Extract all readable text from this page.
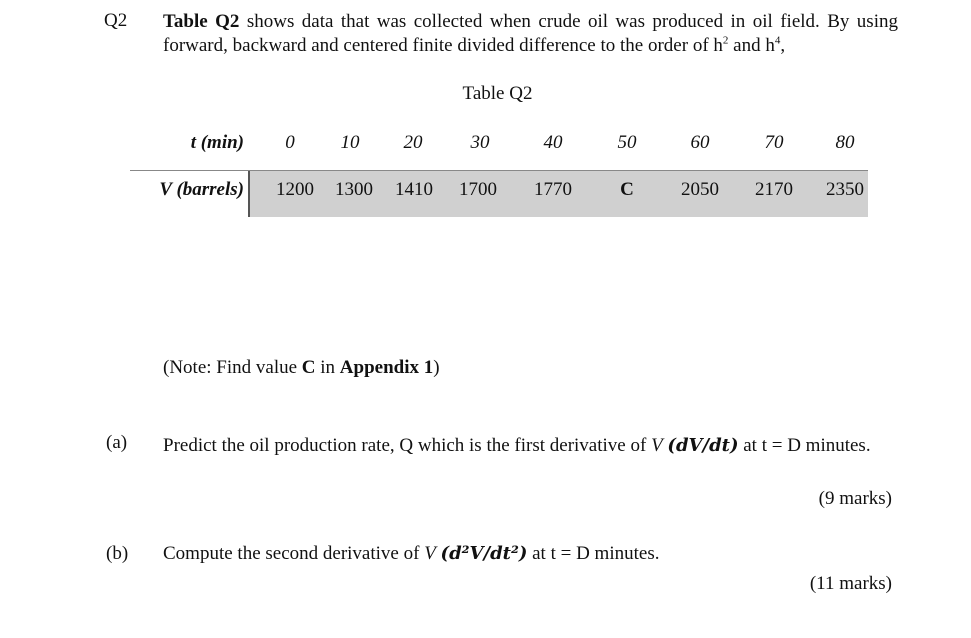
Q2 Table Q2 shows data that was collected when crude oil was produced in oil field. By using forward, backward and centered finite divided difference to the order of $h^2$ and $h^4$,
Table Q2
t (min)	0	10	20	30	40	50	60	70	80
V (barrels)	1200	1300	1410	1700	1770	C	2050	2170	2350
(Note: Find value C in Appendix 1)
(a) Predict the oil production rate, Q which is the first derivative of V (dV/dt) at t = D minutes.
(9 marks)
(b) Compute the second derivative of V (d²V/dt²) at t = D minutes.
(11 marks)
